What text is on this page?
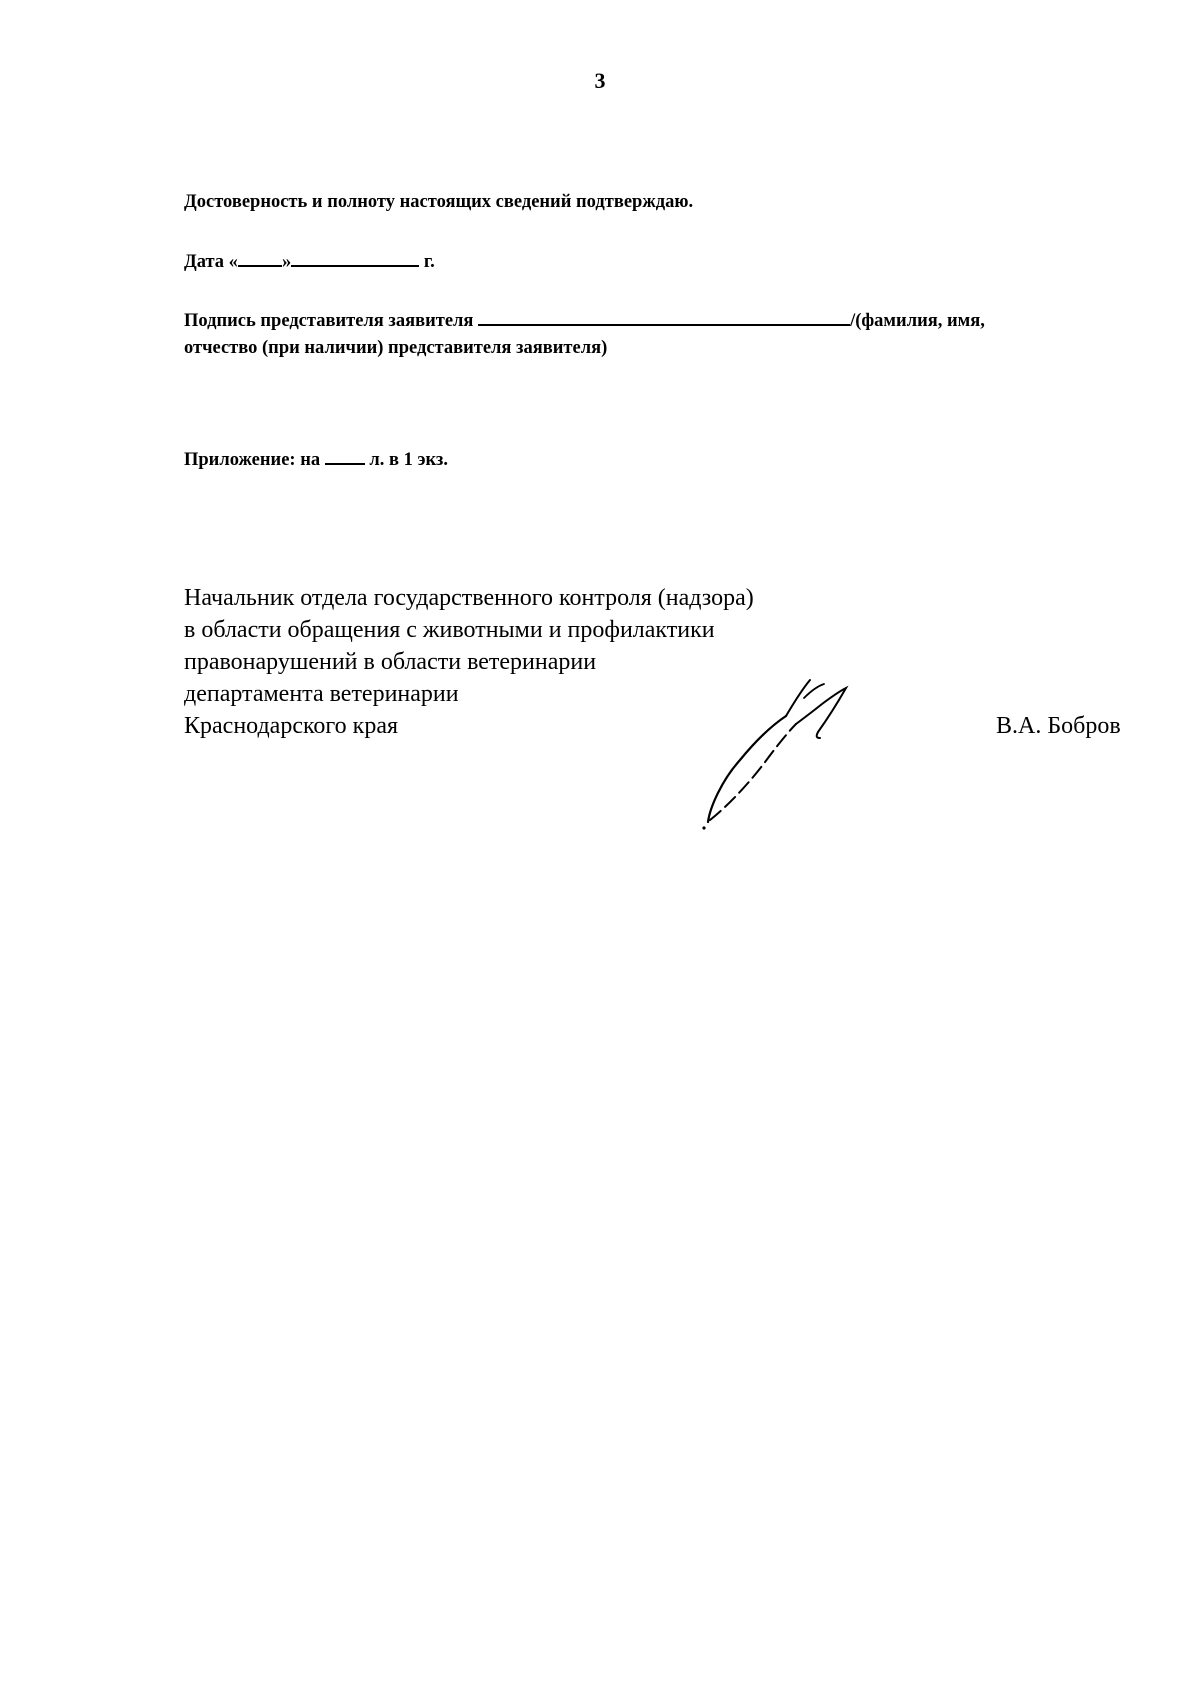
3
Достоверность и полноту настоящих сведений подтверждаю.
Дата « »	г.
Подпись представителя заявителя	/(фамилия, имя,
отчество (при наличии) представителя заявителя)
Приложение: на  л. в 1 экз.
Начальник отдела государственного контроля (надзора)
в области обращения с животными и профилактики
правонарушений в области ветеринарии
департамента ветеринарии
Краснодарского края	В.А. Бобров
